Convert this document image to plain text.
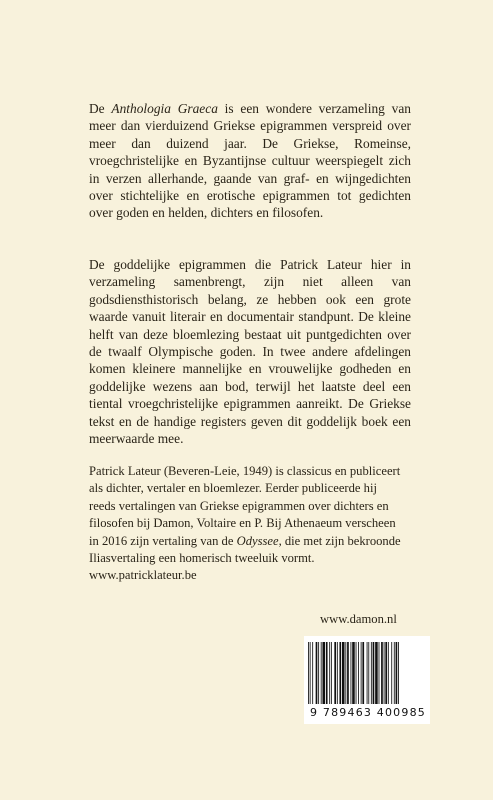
De Anthologia Graeca is een wondere verzameling van meer dan vierduizend Griekse epigrammen verspreid over meer dan duizend jaar. De Griekse, Romeinse, vroegchristelijke en Byzantijnse cultuur weerspiegelt zich in verzen allerhande, gaande van graf- en wijngedichten over stichtelijke en erotische epigrammen tot gedichten over goden en helden, dichters en filosofen.

De goddelijke epigrammen die Patrick Lateur hier in verzameling samenbrengt, zijn niet alleen van godsdiensthistorisch belang, ze hebben ook een grote waarde vanuit literair en documentair standpunt. De kleine helft van deze bloemlezing bestaat uit puntgedichten over de twaalf Olympische goden. In twee andere afdelingen komen kleinere mannelijke en vrouwelijke godheden en goddelijke wezens aan bod, terwijl het laatste deel een tiental vroegchristelijke epigrammen aanreikt. De Griekse tekst en de handige registers geven dit goddelijk boek een meerwaarde mee.

Patrick Lateur (Beveren-Leie, 1949) is classicus en publiceert
als dichter, vertaler en bloemlezer. Eerder publiceerde hij
reeds vertalingen van Griekse epigrammen over dichters en
filosofen bij Damon, Voltaire en P. Bij Athenaeum verscheen
in 2016 zijn vertaling van de Odyssee, die met zijn bekroonde
Iliasvertaling een homerisch tweeluik vormt.
www.patricklateur.be
www.damon.nl
9 789463 400985
